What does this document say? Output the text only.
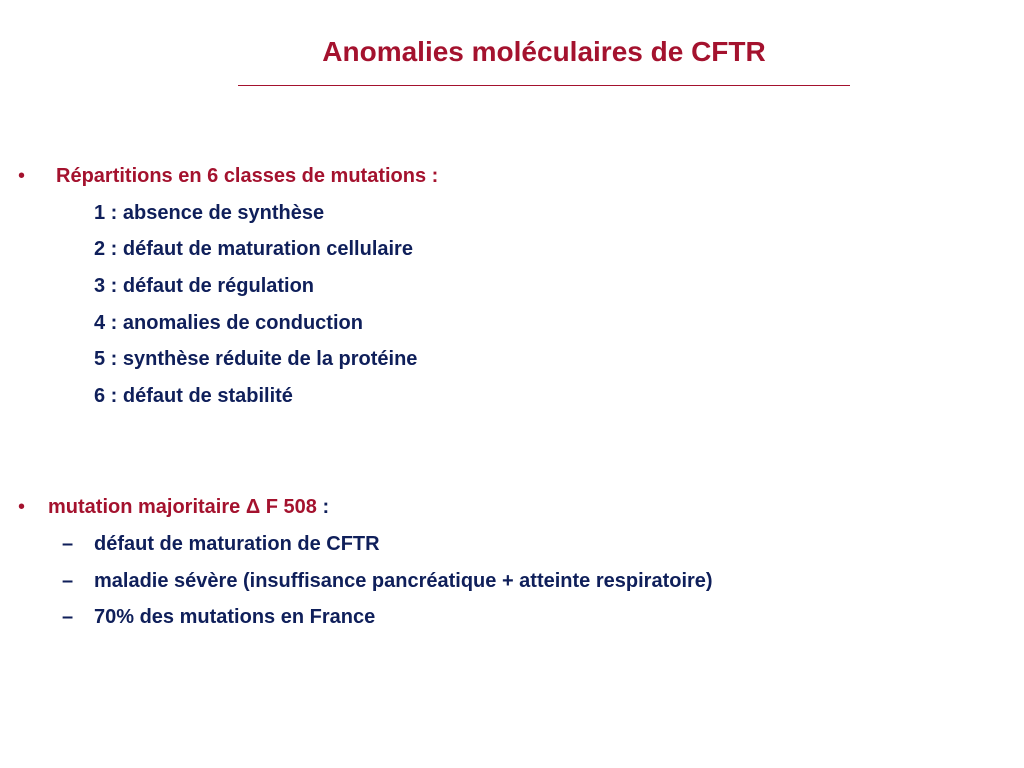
Anomalies moléculaires de CFTR
• Répartitions en 6 classes de mutations :
1 : absence de synthèse
2 : défaut de maturation cellulaire
3 : défaut de régulation
4 : anomalies de conduction
5 : synthèse réduite de la protéine
6 : défaut de stabilité
• mutation majoritaire Δ F 508 :
– défaut de maturation de CFTR
– maladie sévère (insuffisance pancréatique + atteinte respiratoire)
– 70% des mutations en France
